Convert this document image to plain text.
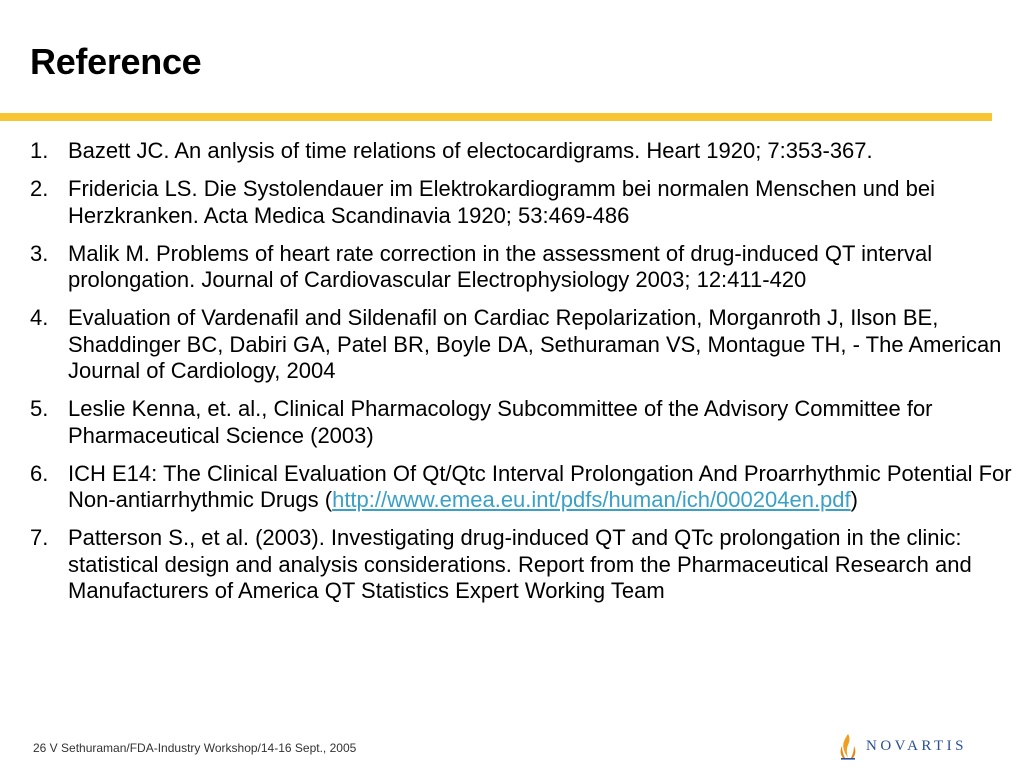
Reference
1. Bazett JC. An anlysis of time relations of electocardigrams. Heart 1920; 7:353-367.
2. Fridericia LS. Die Systolendauer im Elektrokardiogramm bei normalen Menschen und bei Herzkranken. Acta Medica Scandinavia 1920; 53:469-486
3. Malik M. Problems of heart rate correction in the assessment of drug-induced QT interval prolongation. Journal of Cardiovascular Electrophysiology 2003; 12:411-420
4. Evaluation of Vardenafil and Sildenafil on Cardiac Repolarization, Morganroth J, Ilson BE, Shaddinger BC, Dabiri GA, Patel BR, Boyle DA, Sethuraman VS, Montague TH, - The American Journal of Cardiology, 2004
5. Leslie Kenna, et. al., Clinical Pharmacology Subcommittee of the Advisory Committee for Pharmaceutical Science (2003)
6. ICH E14: The Clinical Evaluation Of Qt/Qtc Interval Prolongation And Proarrhythmic Potential For Non-antiarrhythmic Drugs (http://www.emea.eu.int/pdfs/human/ich/000204en.pdf)
7. Patterson S., et al. (2003). Investigating drug-induced QT and QTc prolongation in the clinic: statistical design and analysis considerations. Report from the Pharmaceutical Research and Manufacturers of America QT Statistics Expert Working Team
26 V Sethuraman/FDA-Industry Workshop/14-16 Sept., 2005	NOVARTIS
